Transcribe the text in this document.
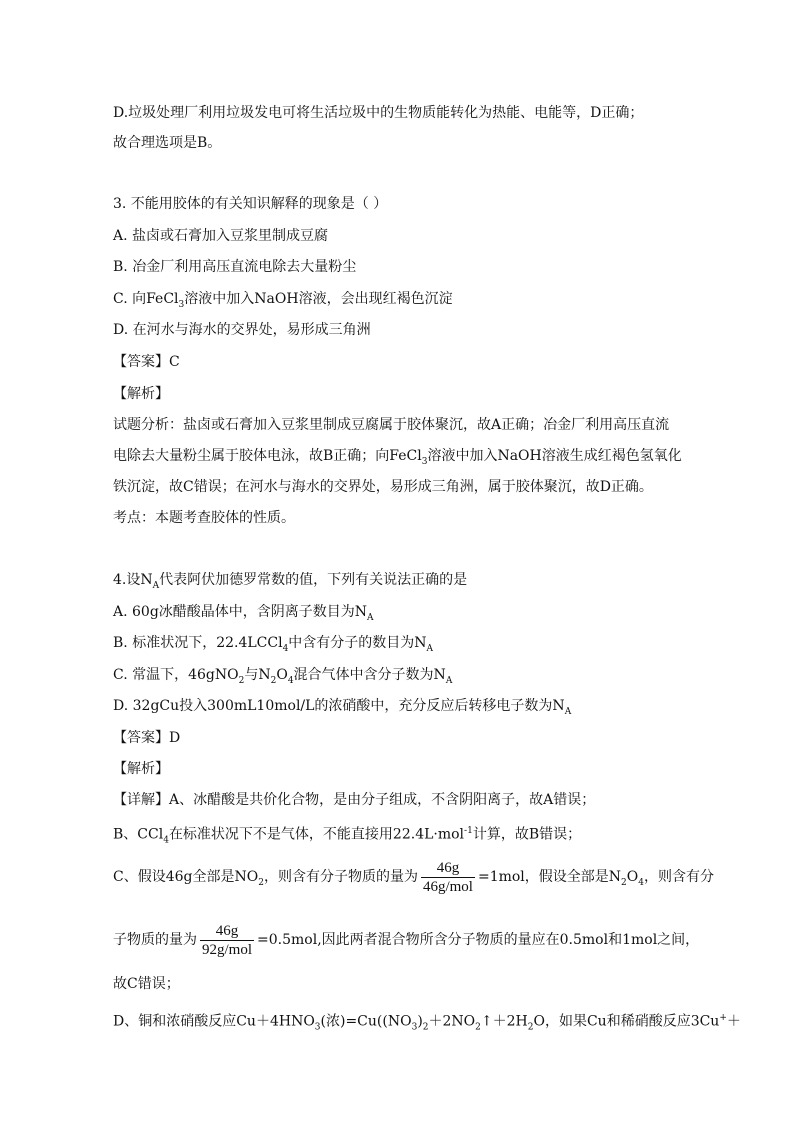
D.垃圾处理厂利用垃圾发电可将生活垃圾中的生物质能转化为热能、电能等，D正确；
故合理选项是B。
3. 不能用胶体的有关知识解释的现象是（ ）
A. 盐卤或石膏加入豆浆里制成豆腐
B. 冶金厂利用高压直流电除去大量粉尘
C. 向FeCl$_3$溶液中加入NaOH溶液，会出现红褐色沉淀
D. 在河水与海水的交界处，易形成三角洲
【答案】C
【解析】
试题分析：盐卤或石膏加入豆浆里制成豆腐属于胶体聚沉，故A正确；冶金厂利用高压直流
电除去大量粉尘属于胶体电泳，故B正确；向FeCl$_3$溶液中加入NaOH溶液生成红褐色氢氧化
铁沉淀，故C错误；在河水与海水的交界处，易形成三角洲，属于胶体聚沉，故D正确。
考点：本题考查胶体的性质。
4.设$N_A$代表阿伏加德罗常数的值，下列有关说法正确的是
A. 60g冰醋酸晶体中，含阴离子数目为$N_A$
B. 标准状况下，22.4LCCl$_4$中含有分子的数目为$N_A$
C. 常温下，46gNO$_2$与$N_2O_4$混合气体中含分子数为$N_A$
D. 32gCu投入300mL10mol/L的浓硝酸中，充分反应后转移电子数为$N_A$
【答案】D
【解析】
【详解】A、冰醋酸是共价化合物，是由分子组成，不含阴阳离子，故A错误；
B、CCl$_4$在标准状况下不是气体，不能直接用22.4L·mol$^{-1}$计算，故B错误；
C、假设46g全部是$NO_2$，则含有分子物质的量为 $\frac{46g}{\text{46g/mol}} =1mol$，假设全部是$N_2O_4$，则含有分
子物质的量为 $\frac{46g}{\text{92g/mol}} =0.5mol$,因此两者混合物所含分子物质的量应在0.5mol和1mol之间，
故C错误；
D、铜和浓硝酸反应$Cu+4HNO_3$(浓)$=Cu((NO_3)_2+2NO_2↑+2H_2O$，如果Cu和稀硝酸反应3Cu+＋
